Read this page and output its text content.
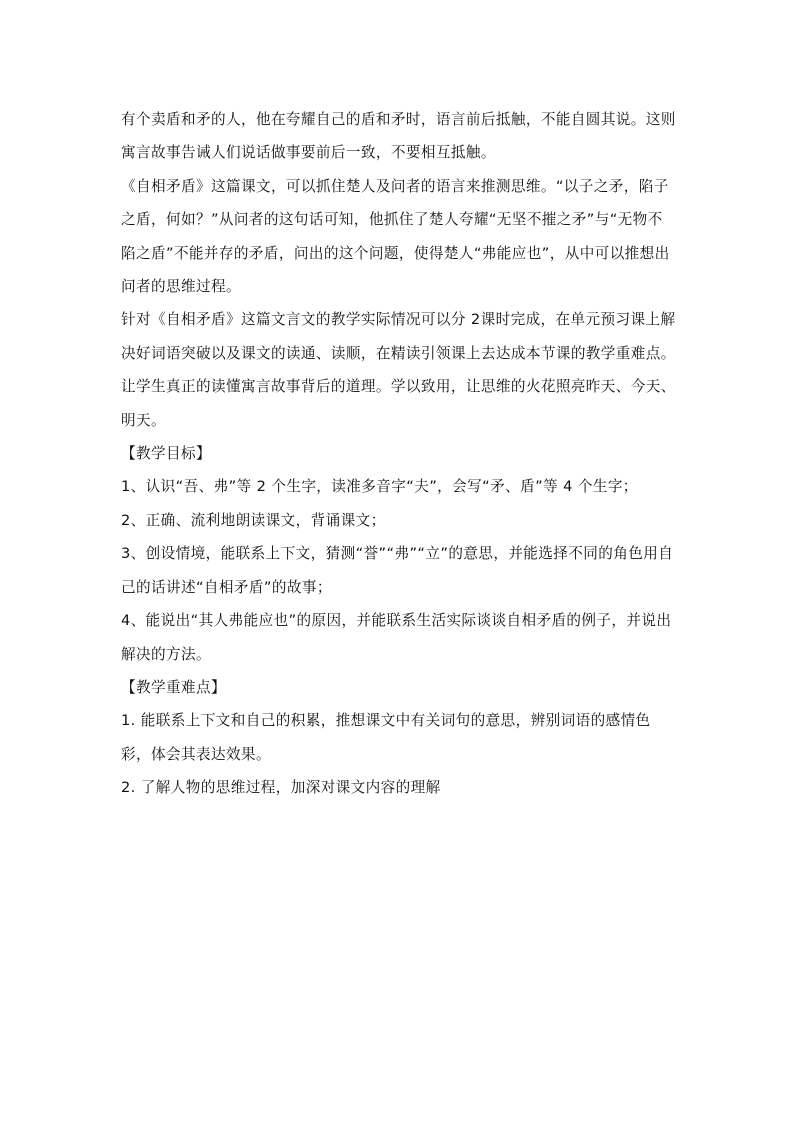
有个卖盾和矛的人，他在夸耀自己的盾和矛时，语言前后抵触，不能自圆其说。这则寓言故事告诫人们说话做事要前后一致，不要相互抵触。

《自相矛盾》这篇课文，可以抓住楚人及问者的语言来推测思维。“以子之矛，陷子之盾，何如？”从问者的这句话可知，他抓住了楚人夸耀“无坚不摧之矛”与“无物不陷之盾”不能并存的矛盾，问出的这个问题，使得楚人“弗能应也”，从中可以推想出问者的思维过程。

针对《自相矛盾》这篇文言文的教学实际情况可以分 2课时完成，在单元预习课上解决好词语突破以及课文的读通、读顺，在精读引领课上去达成本节课的教学重难点。让学生真正的读懂寓言故事背后的道理。学以致用，让思维的火花照亮昨天、今天、明天。

【教学目标】

1、认识“吾、弗”等 2 个生字，读准多音字“夫”，会写“矛、盾”等 4 个生字；

2、正确、流利地朗读课文，背诵课文；

3、创设情境，能联系上下文，猜测“誉”“弗”“立”的意思，并能选择不同的角色用自己的话讲述“自相矛盾”的故事；

4、能说出“其人弗能应也”的原因，并能联系生活实际谈谈自相矛盾的例子，并说出解决的方法。

【教学重难点】

1. 能联系上下文和自己的积累，推想课文中有关词句的意思，辨别词语的感情色彩，体会其表达效果。

2. 了解人物的思维过程，加深对课文内容的理解
